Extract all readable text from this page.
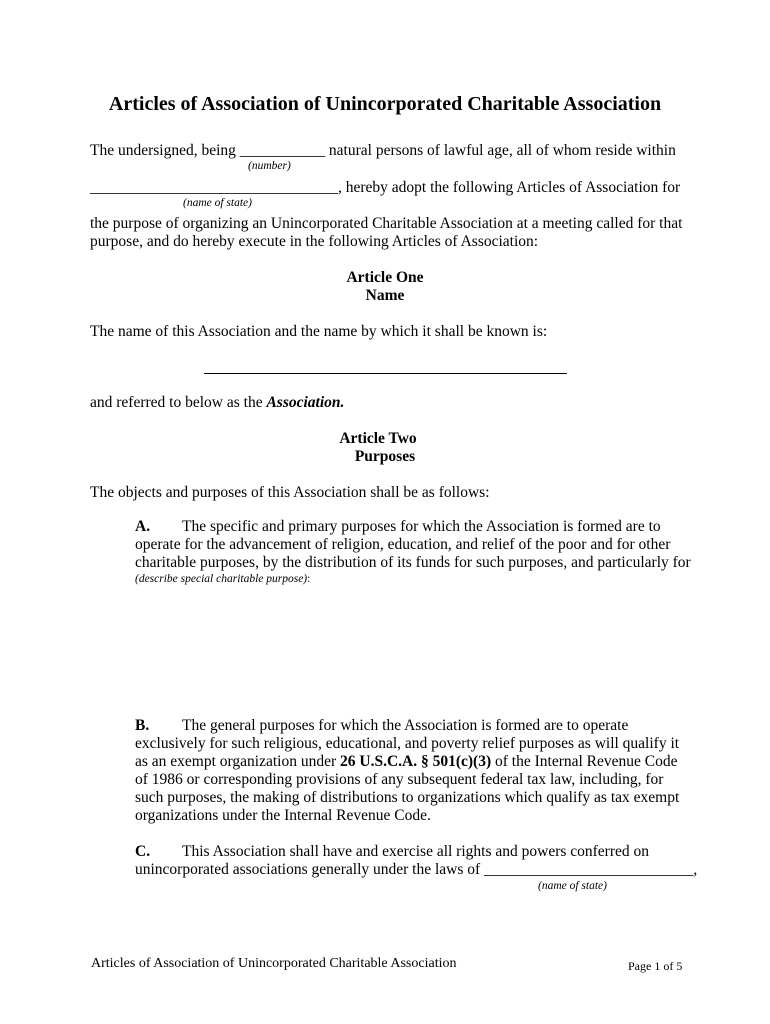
Articles of Association of Unincorporated Charitable Association
The undersigned, being ___________ natural persons of lawful age, all of whom reside within
(number)
________________________________, hereby adopt the following Articles of Association for
(name of state)
the purpose of organizing an Unincorporated Charitable Association at a meeting called for that
purpose, and do hereby execute in the following Articles of Association:
Article One
Name
The name of this Association and the name by which it shall be known is:
and referred to below as the Association.
Article Two
Purposes
The objects and purposes of this Association shall be as follows:
A. The specific and primary purposes for which the Association is formed are to
operate for the advancement of religion, education, and relief of the poor and for other
charitable purposes, by the distribution of its funds for such purposes, and particularly for
(describe special charitable purpose):
B. The general purposes for which the Association is formed are to operate
exclusively for such religious, educational, and poverty relief purposes as will qualify it
as an exempt organization under 26 U.S.C.A. § 501(c)(3) of the Internal Revenue Code
of 1986 or corresponding provisions of any subsequent federal tax law, including, for
such purposes, the making of distributions to organizations which qualify as tax exempt
organizations under the Internal Revenue Code.
C. This Association shall have and exercise all rights and powers conferred on
unincorporated associations generally under the laws of ___________________________,
(name of state)
Articles of Association of Unincorporated Charitable Association	Page 1 of 5
